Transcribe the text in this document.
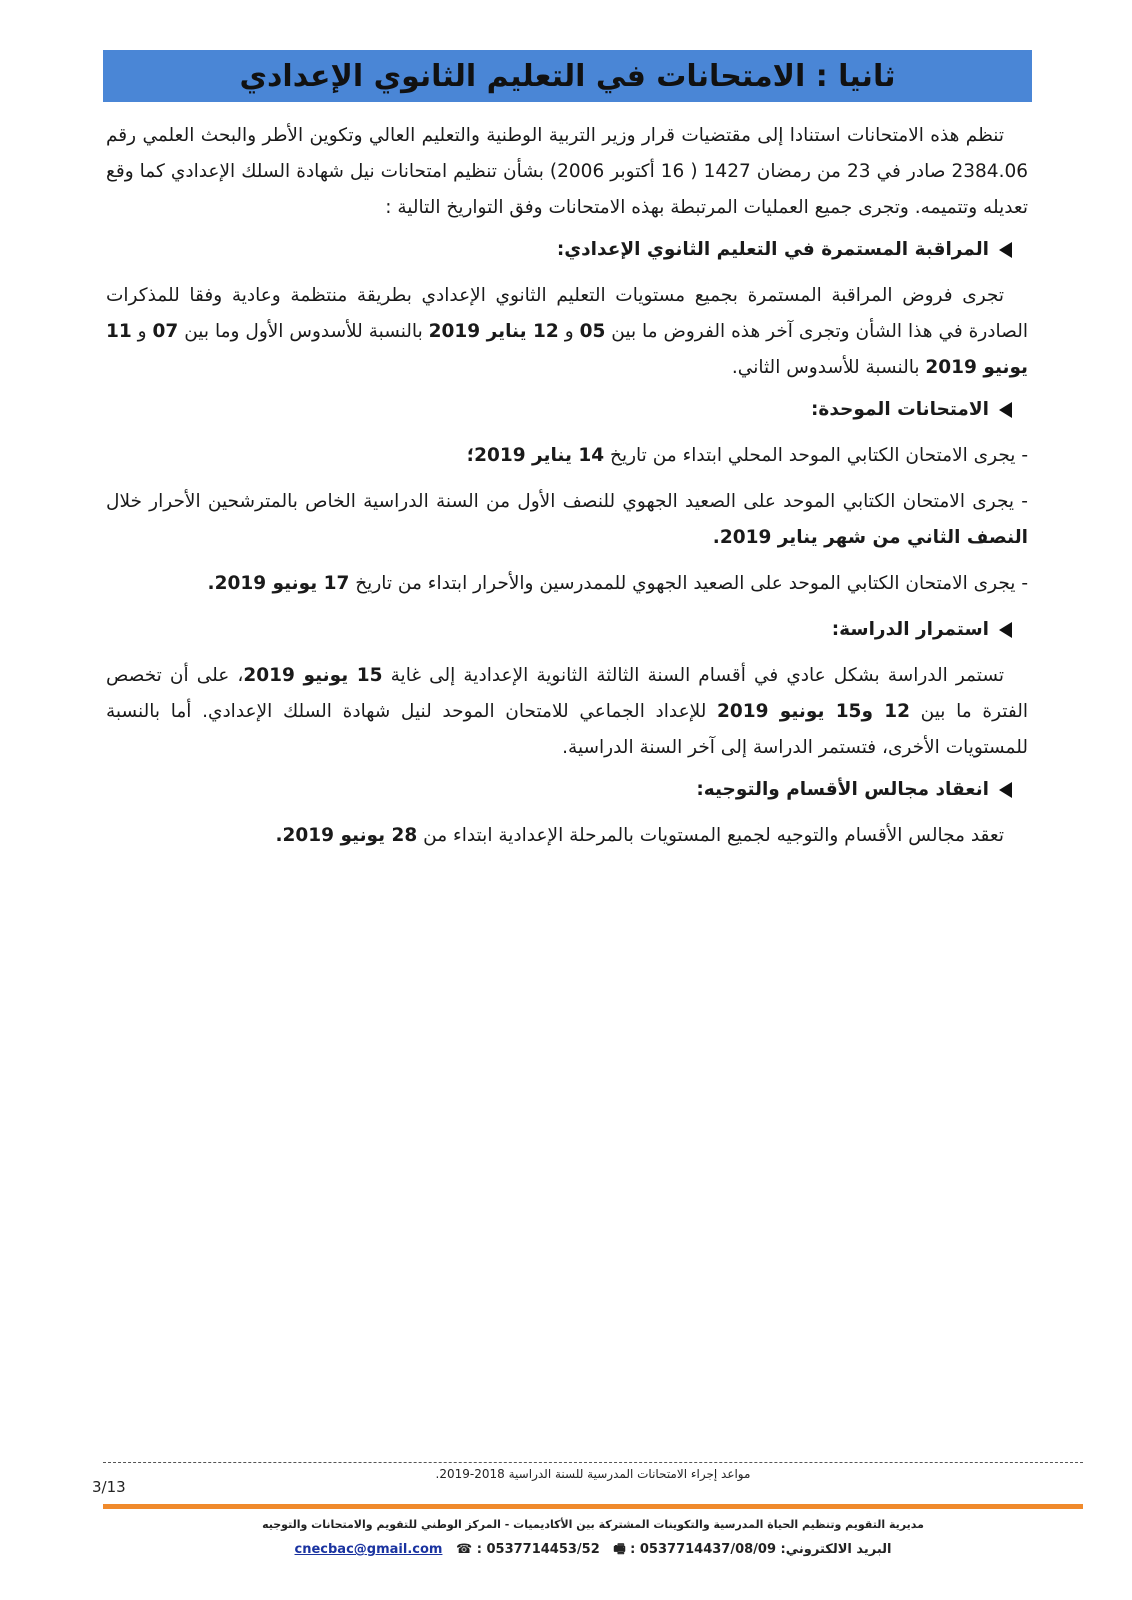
ثانيا : الامتحانات في التعليم الثانوي الإعدادي

تنظم هذه الامتحانات استنادا إلى مقتضيات قرار وزير التربية الوطنية والتعليم العالي وتكوين الأطر والبحث العلمي رقم 2384.06 صادر في 23 من رمضان 1427 ( 16 أكتوبر 2006) بشأن تنظيم امتحانات نيل شهادة السلك الإعدادي كما وقع تعديله وتتميمه. وتجرى جميع العمليات المرتبطة بهذه الامتحانات وفق التواريخ التالية :

المراقبة المستمرة في التعليم الثانوي الإعدادي:

تجرى فروض المراقبة المستمرة بجميع مستويات التعليم الثانوي الإعدادي بطريقة منتظمة وعادية وفقا للمذكرات الصادرة في هذا الشأن وتجرى آخر هذه الفروض ما بين 05 و 12 يناير 2019 بالنسبة للأسدوس الأول وما بين 07 و 11 يونيو 2019 بالنسبة للأسدوس الثاني.

الامتحانات الموحدة:

- يجرى الامتحان الكتابي الموحد المحلي ابتداء من تاريخ 14 يناير 2019؛

- يجرى الامتحان الكتابي الموحد على الصعيد الجهوي للنصف الأول من السنة الدراسية الخاص بالمترشحين الأحرار خلال النصف الثاني من شهر يناير 2019.

- يجرى الامتحان الكتابي الموحد على الصعيد الجهوي للممدرسين والأحرار ابتداء من تاريخ 17 يونيو 2019.

استمرار الدراسة:

تستمر الدراسة بشكل عادي في أقسام السنة الثالثة الثانوية الإعدادية إلى غاية 15 يونيو 2019، على أن تخصص الفترة ما بين 12 و15 يونيو 2019 للإعداد الجماعي للامتحان الموحد لنيل شهادة السلك الإعدادي. أما بالنسبة للمستويات الأخرى، فتستمر الدراسة إلى آخر السنة الدراسية.

انعقاد مجالس الأقسام والتوجيه:

تعقد مجالس الأقسام والتوجيه لجميع المستويات بالمرحلة الإعدادية ابتداء من 28 يونيو 2019.

مواعد إجراء الامتحانات المدرسية للسنة الدراسية 2018-2019.
3/13
مديرية التقويم وتنظيم الحياة المدرسية والتكوينات المشتركة بين الأكاديميات - المركز الوطني للتقويم والامتحانات والتوجيه
البريد الالكتروني: cnecbac@gmail.com ☎ : 0537714453/52 🖷 : 0537714437/08/09
